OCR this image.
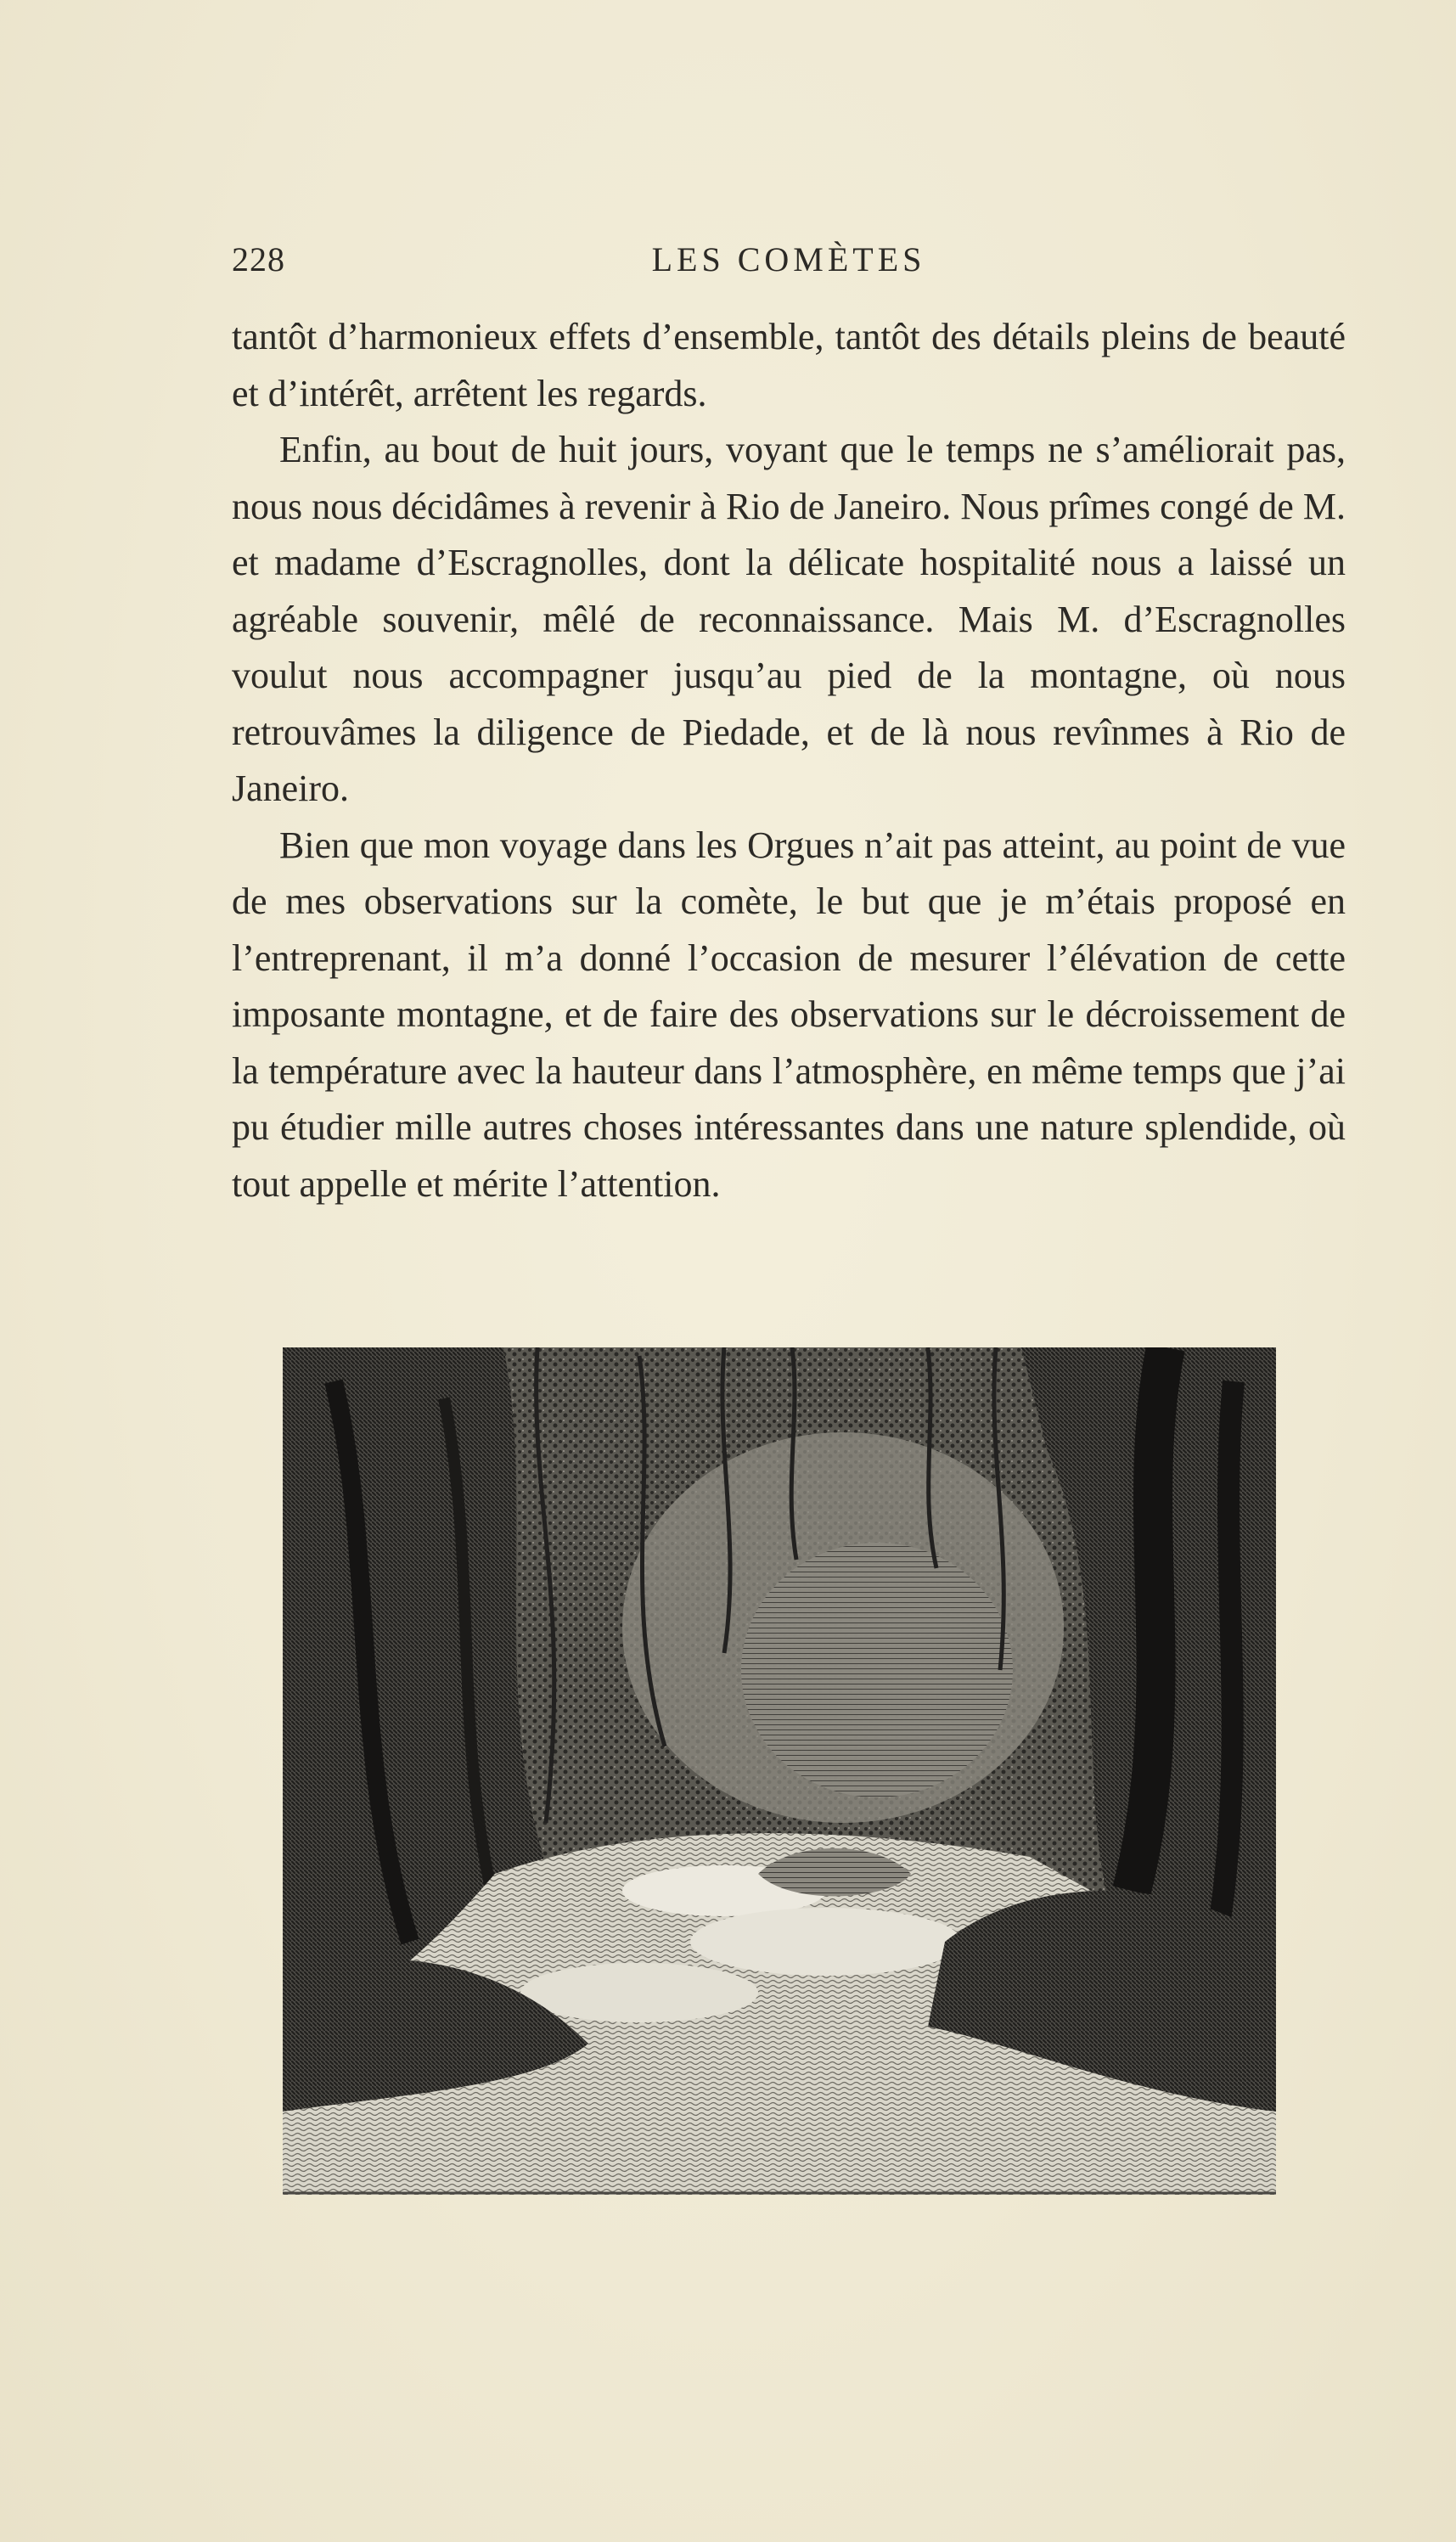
228	LES COMÈTES

tantôt d’harmonieux effets d’ensemble, tantôt des détails pleins de beauté et d’intérêt, arrêtent les regards.

Enfin, au bout de huit jours, voyant que le temps ne s’améliorait pas, nous nous décidâmes à revenir à Rio de Janeiro. Nous prîmes congé de M. et madame d’Escragnolles, dont la délicate hospitalité nous a laissé un agréable souvenir, mêlé de reconnaissance. Mais M. d’Escragnolles voulut nous accompagner jusqu’au pied de la montagne, où nous retrouvâmes la diligence de Piedade, et de là nous revînmes à Rio de Janeiro.

Bien que mon voyage dans les Orgues n’ait pas atteint, au point de vue de mes observations sur la comète, le but que je m’étais proposé en l’entreprenant, il m’a donné l’occasion de mesurer l’élévation de cette imposante montagne, et de faire des observations sur le décroissement de la température avec la hauteur dans l’atmosphère, en même temps que j’ai pu étudier mille autres choses intéressantes dans une nature splendide, où tout appelle et mérite l’attention.
